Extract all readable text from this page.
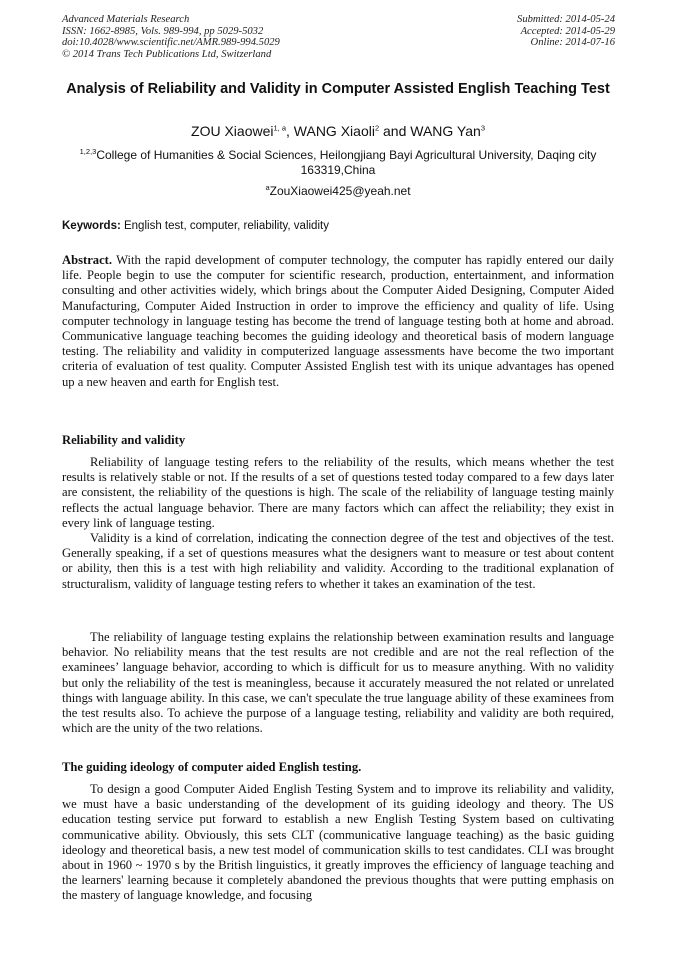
Advanced Materials Research
ISSN: 1662-8985, Vols. 989-994, pp 5029-5032
doi:10.4028/www.scientific.net/AMR.989-994.5029
© 2014 Trans Tech Publications Ltd, Switzerland
Submitted: 2014-05-24
Accepted: 2014-05-29
Online: 2014-07-16
Analysis of Reliability and Validity in Computer Assisted English Teaching Test
ZOU Xiaowei$^{1, a}$, WANG Xiaoli$^2$ and WANG Yan$^3$
$^{1,2,3}$College of Humanities & Social Sciences, Heilongjiang Bayi Agricultural University, Daqing city 163319,China
$^a$ZouXiaowei425@yeah.net
Keywords: English test, computer, reliability, validity

Abstract. With the rapid development of computer technology, the computer has rapidly entered our daily life. People begin to use the computer for scientific research, production, entertainment, and information consulting and other activities widely, which brings about the Computer Aided Designing, Computer Aided Manufacturing, Computer Aided Instruction in order to improve the efficiency and quality of life. Using computer technology in language testing has become the trend of language testing both at home and abroad. Communicative language teaching becomes the guiding ideology and theoretical basis of modern language testing. The reliability and validity in computerized language assessments have become the two important criteria of evaluation of test quality. Computer Assisted English test with its unique advantages has opened up a new heaven and earth for English test.

Reliability and validity

Reliability of language testing refers to the reliability of the results, which means whether the test results is relatively stable or not. If the results of a set of questions tested today compared to a few days later are consistent, the reliability of the questions is high. The scale of the reliability of language testing mainly reflects the actual language behavior. There are many factors which can affect the reliability; they exist in every link of language testing.

Validity is a kind of correlation, indicating the connection degree of the test and objectives of the test. Generally speaking, if a set of questions measures what the designers want to measure or test about content or ability, then this is a test with high reliability and validity. According to the traditional explanation of structuralism, validity of language testing refers to whether it takes an examination of the test.

The reliability of language testing explains the relationship between examination results and language behavior. No reliability means that the test results are not credible and are not the real reflection of the examinees’ language behavior, according to which is difficult for us to measure anything. With no validity but only the reliability of the test is meaningless, because it accurately measured the not related or unrelated things with language ability. In this case, we can't speculate the true language ability of these examinees from the test results also. To achieve the purpose of a language testing, reliability and validity are both required, which are the unity of the two relations.

The guiding ideology of computer aided English testing.

To design a good Computer Aided English Testing System and to improve its reliability and validity, we must have a basic understanding of the development of its guiding ideology and theory. The US education testing service put forward to establish a new English Testing System based on cultivating communicative ability. Obviously, this sets CLT (communicative language teaching) as the basic guiding ideology and theoretical basis, a new test model of communication skills to test candidates. CLI was brought about in 1960 ~ 1970 s by the British linguistics, it greatly improves the efficiency of language teaching and the learners' learning because it completely abandoned the previous thoughts that were putting emphasis on the mastery of language knowledge, and focusing
